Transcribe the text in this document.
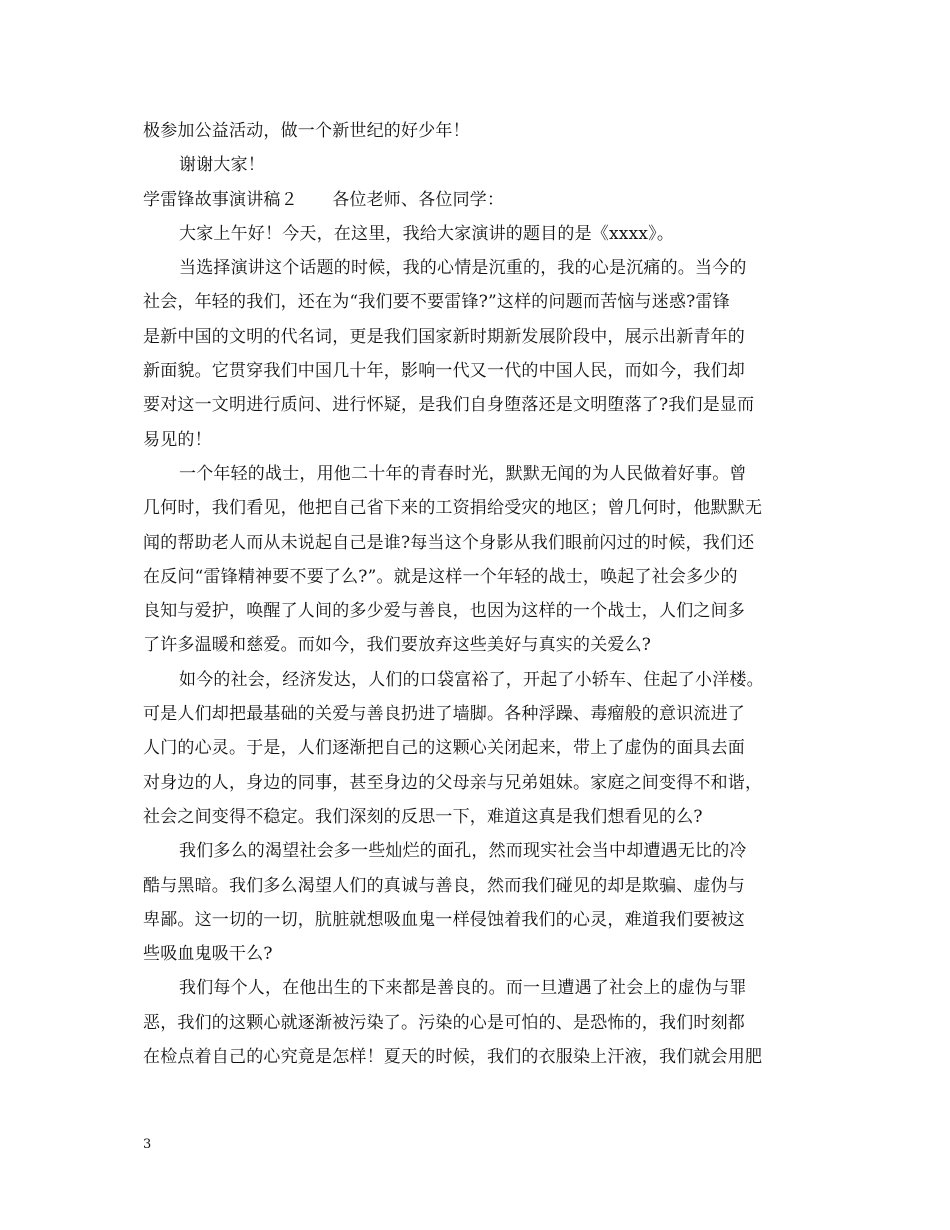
极参加公益活动，做一个新世纪的好少年！
谢谢大家！
学雷锋故事演讲稿２　　各位老师、各位同学：
大家上午好！今天，在这里，我给大家演讲的题目的是《xxxx》。
当选择演讲这个话题的时候，我的心情是沉重的，我的心是沉痛的。当今的
社会，年轻的我们，还在为“我们要不要雷锋?”这样的问题而苦恼与迷惑?雷锋
是新中国的文明的代名词，更是我们国家新时期新发展阶段中，展示出新青年的
新面貌。它贯穿我们中国几十年，影响一代又一代的中国人民，而如今，我们却
要对这一文明进行质问、进行怀疑，是我们自身堕落还是文明堕落了?我们是显而
易见的！
一个年轻的战士，用他二十年的青春时光，默默无闻的为人民做着好事。曾
几何时，我们看见，他把自己省下来的工资捐给受灾的地区；曾几何时，他默默无
闻的帮助老人而从未说起自己是谁?每当这个身影从我们眼前闪过的时候，我们还
在反问“雷锋精神要不要了么?”。就是这样一个年轻的战士，唤起了社会多少的
良知与爱护，唤醒了人间的多少爱与善良，也因为这样的一个战士，人们之间多
了许多温暖和慈爱。而如今，我们要放弃这些美好与真实的关爱么?
如今的社会，经济发达，人们的口袋富裕了，开起了小轿车、住起了小洋楼。
可是人们却把最基础的关爱与善良扔进了墙脚。各种浮躁、毒瘤般的意识流进了
人门的心灵。于是，人们逐渐把自己的这颗心关闭起来，带上了虚伪的面具去面
对身边的人，身边的同事，甚至身边的父母亲与兄弟姐妹。家庭之间变得不和谐，
社会之间变得不稳定。我们深刻的反思一下，难道这真是我们想看见的么?
我们多么的渴望社会多一些灿烂的面孔，然而现实社会当中却遭遇无比的冷
酷与黑暗。我们多么渴望人们的真诚与善良，然而我们碰见的却是欺骗、虚伪与
卑鄙。这一切的一切，肮脏就想吸血鬼一样侵蚀着我们的心灵，难道我们要被这
些吸血鬼吸干么?
我们每个人，在他出生的下来都是善良的。而一旦遭遇了社会上的虚伪与罪
恶，我们的这颗心就逐渐被污染了。污染的心是可怕的、是恐怖的，我们时刻都
在检点着自己的心究竟是怎样！夏天的时候，我们的衣服染上汗液，我们就会用肥
3
